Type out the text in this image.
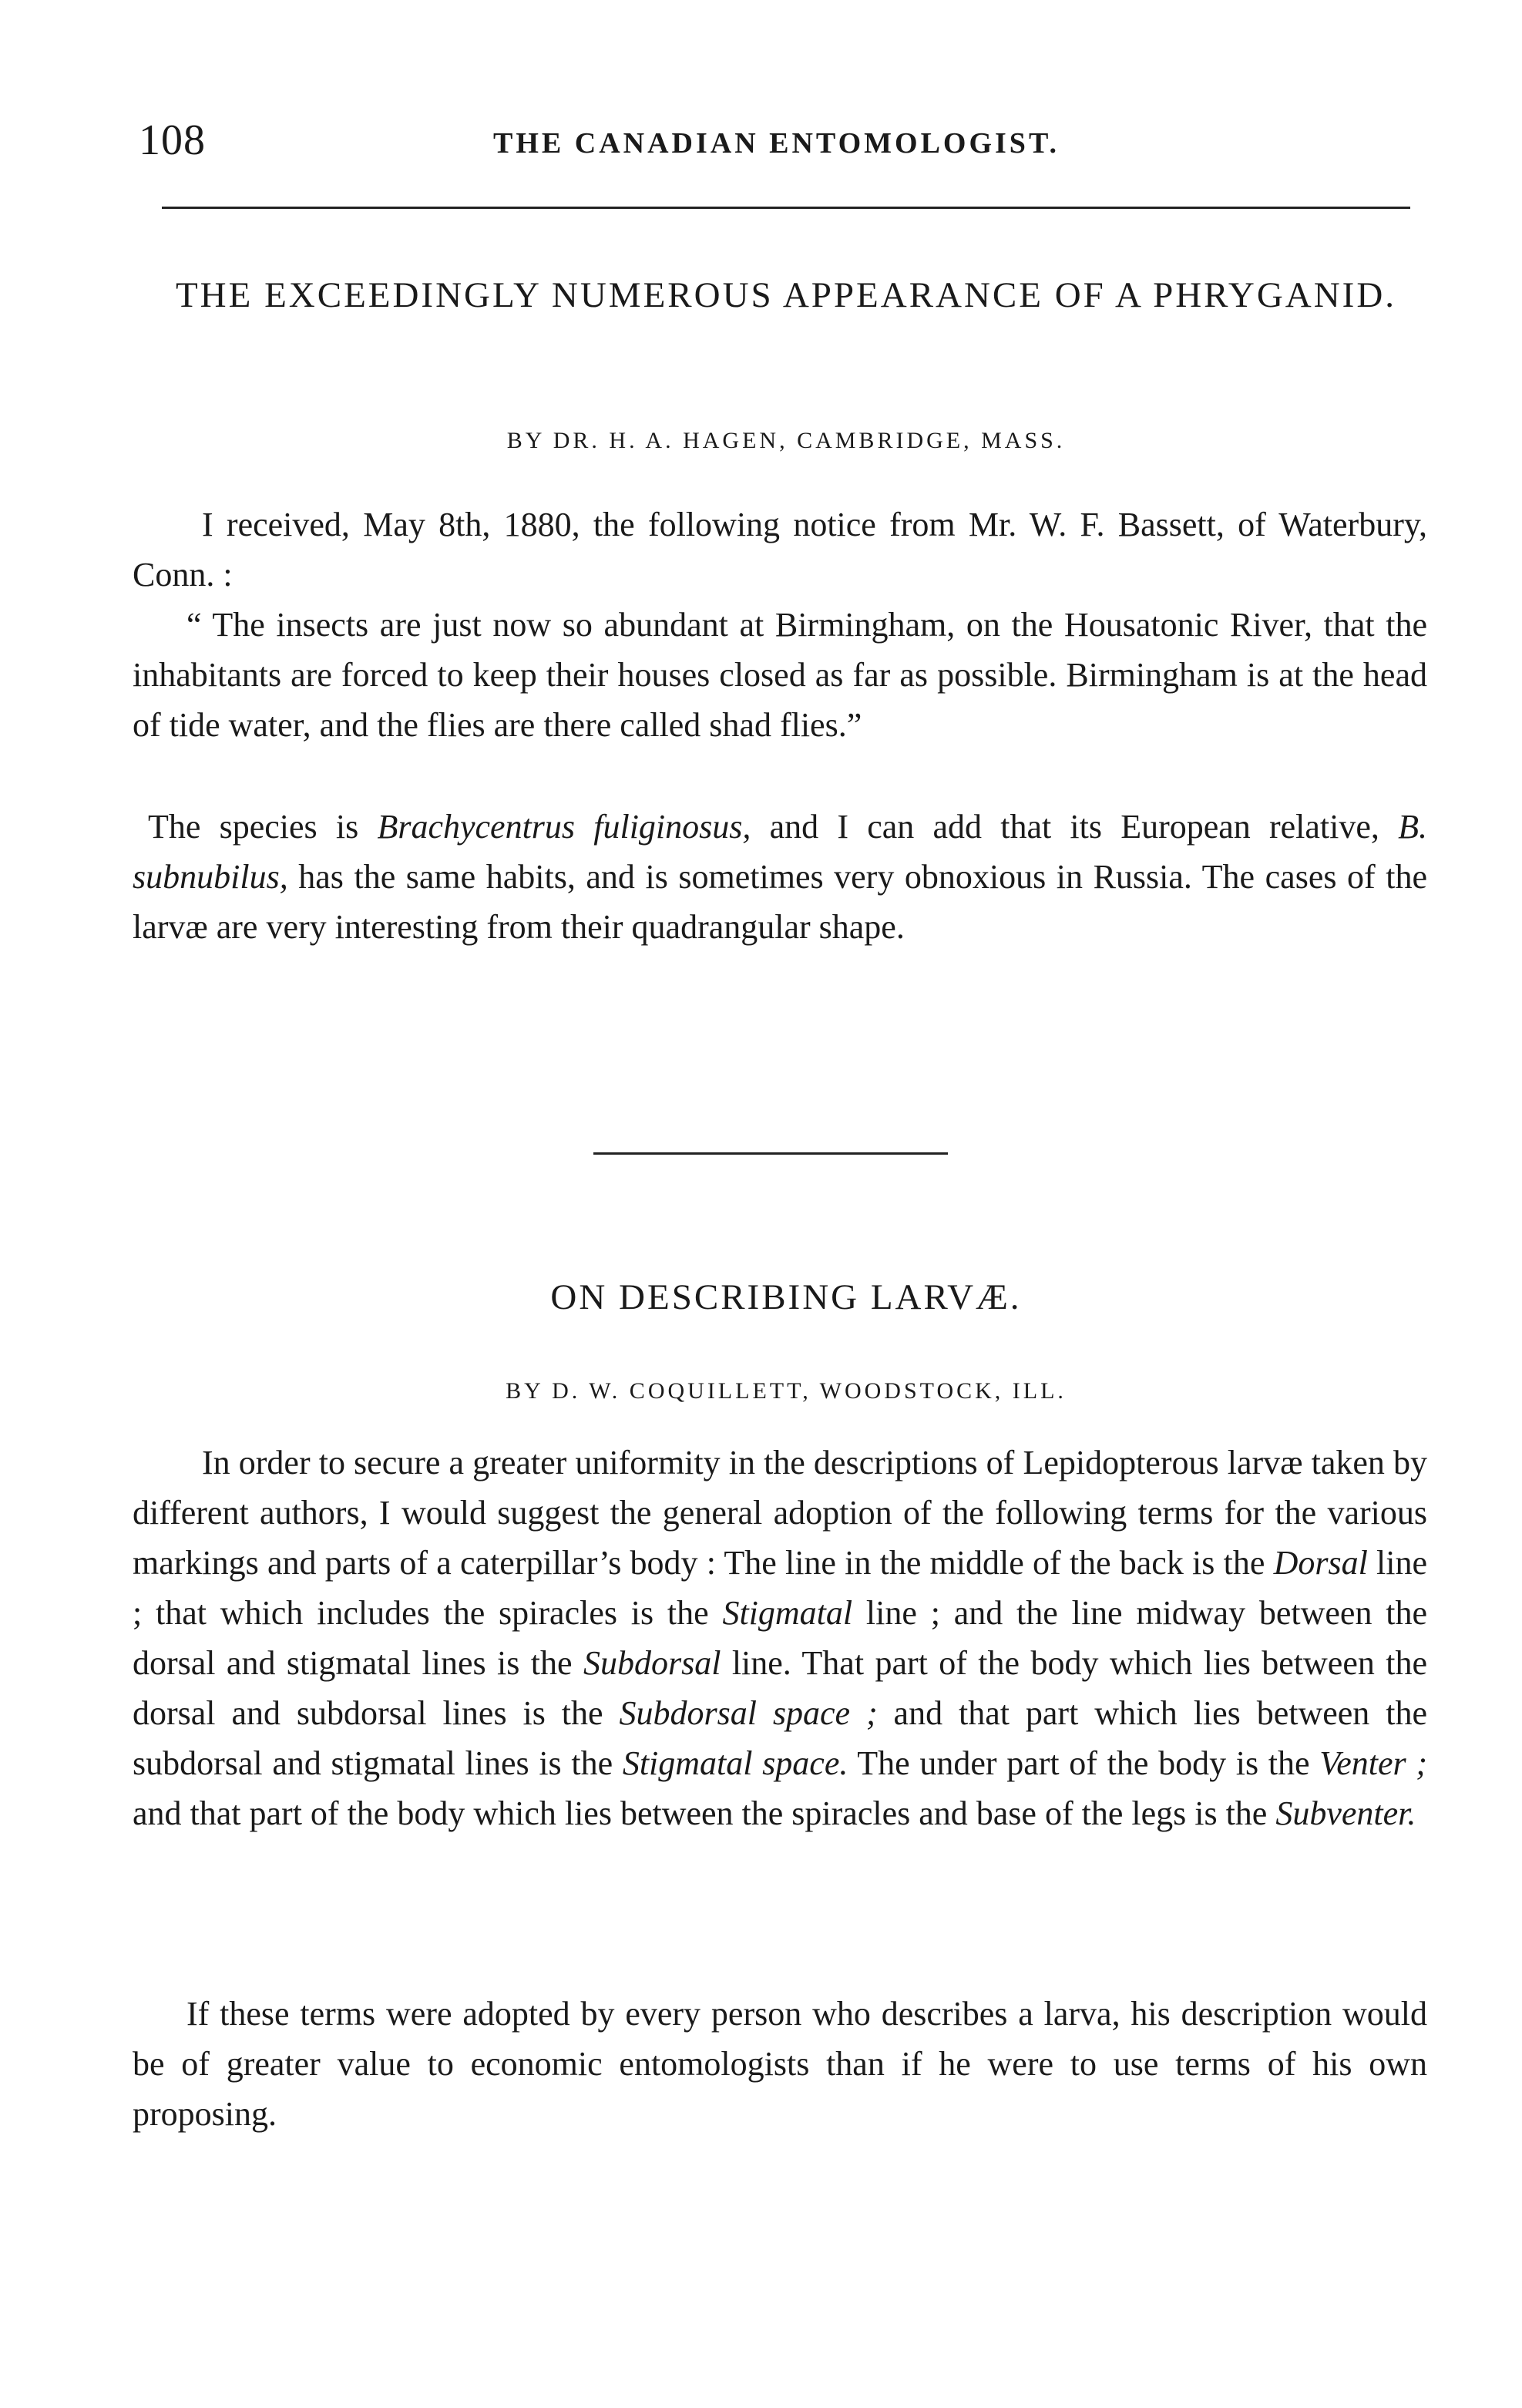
108	THE CANADIAN ENTOMOLOGIST.
THE EXCEEDINGLY NUMEROUS APPEARANCE OF A PHRYGANID.
BY DR. H. A. HAGEN, CAMBRIDGE, MASS.

I received, May 8th, 1880, the following notice from Mr. W. F. Bassett, of Waterbury, Conn. :

“ The insects are just now so abundant at Birmingham, on the Housatonic River, that the inhabitants are forced to keep their houses closed as far as possible. Birmingham is at the head of tide water, and the flies are there called shad flies.”

The species is Brachycentrus fuliginosus, and I can add that its European relative, B. subnubilus, has the same habits, and is sometimes very obnoxious in Russia. The cases of the larvæ are very interesting from their quadrangular shape.

ON DESCRIBING LARVÆ.
BY D. W. COQUILLETT, WOODSTOCK, ILL.

In order to secure a greater uniformity in the descriptions of Lepidopterous larvæ taken by different authors, I would suggest the general adoption of the following terms for the various markings and parts of a caterpillar’s body : The line in the middle of the back is the Dorsal line ; that which includes the spiracles is the Stigmatal line ; and the line midway between the dorsal and stigmatal lines is the Subdorsal line. That part of the body which lies between the dorsal and subdorsal lines is the Subdorsal space ; and that part which lies between the subdorsal and stigmatal lines is the Stigmatal space. The under part of the body is the Venter ; and that part of the body which lies between the spiracles and base of the legs is the Subventer.

If these terms were adopted by every person who describes a larva, his description would be of greater value to economic entomologists than if he were to use terms of his own proposing.
